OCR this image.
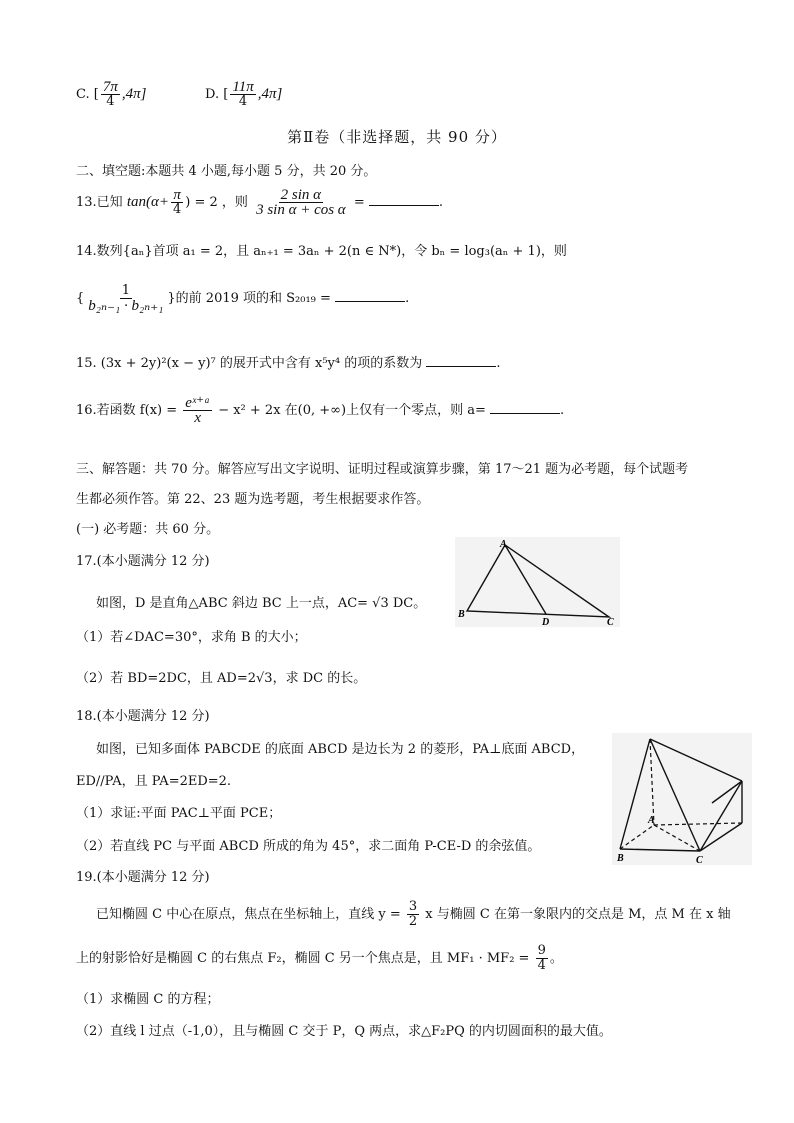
C. [ $\frac{7\pi}{4} ,4\pi$]	D. [ $\frac{11\pi}{4} ,4\pi$]
第Ⅱ卷（非选择题，共 90 分）
二、填空题:本题共 4 小题,每小题 5 分，共 20 分。
13.已知 $\tan(\alpha+ \frac{\pi}{4}$ ) = 2 ，则 $\frac{\text{2 sin α}}{\text{3 sin α + cos α}}$ =	.
14.数列{aₙ}首项 a₁ = 2，且 aₙ₊₁ = 3aₙ + 2(n ∈ N*)，令 bₙ = log₃(aₙ + 1)，则
{ $\frac{1}{\text{b₂ₙ₋₁ · b₂ₙ₊₁}}$ }的前 2019 项的和 S₂₀₁₉ =	.
15. (3x + 2y)²(x − y)⁷ 的展开式中含有 x⁵y⁴ 的项的系数为	.
16.若函数 $f(x) = \frac{\text{eˣ⁺ᵃ}}{x} - x^2 + 2x$ 在(0, +∞)上仅有一个零点，则 a=	.
三、解答题：共 70 分。解答应写出文字说明、证明过程或演算步骤，第 17～21 题为必考题，每个试题考
生都必须作答。第 22、23 题为选考题，考生根据要求作答。
(一) 必考题：共 60 分。
17.(本小题满分 12 分)
如图，D 是直角△ABC 斜边 BC 上一点，AC= √3 DC。
（1）若∠DAC=30°，求角 B 的大小；
（2）若 BD=2DC，且 AD=2√3，求 DC 的长。
A
B
D	C
18.(本小题满分 12 分)
如图，已知多面体 PABCDE 的底面 ABCD 是边长为 2 的菱形，PA⊥底面 ABCD，
ED//PA，且 PA=2ED=2.
（1）求证:平面 PAC⊥平面 PCE；
（2）若直线 PC 与平面 ABCD 所成的角为 45°，求二面角 P-CE-D 的余弦值。
A
B	C
19.(本小题满分 12 分)
已知椭圆 C 中心在原点，焦点在坐标轴上，直线 $y = \frac{3}{2}$ x 与椭圆 C 在第一象限内的交点是 M，点 M 在 x 轴
上的射影恰好是椭圆 C 的右焦点 F₂，椭圆 C 另一个焦点是，且 $MF_1 \cdot MF_2 = \frac{9}{4}$ 。
（1）求椭圆 C 的方程；
（2）直线 l 过点（-1,0），且与椭圆 C 交于 P，Q 两点，求△F₂PQ 的内切圆面积的最大值。
